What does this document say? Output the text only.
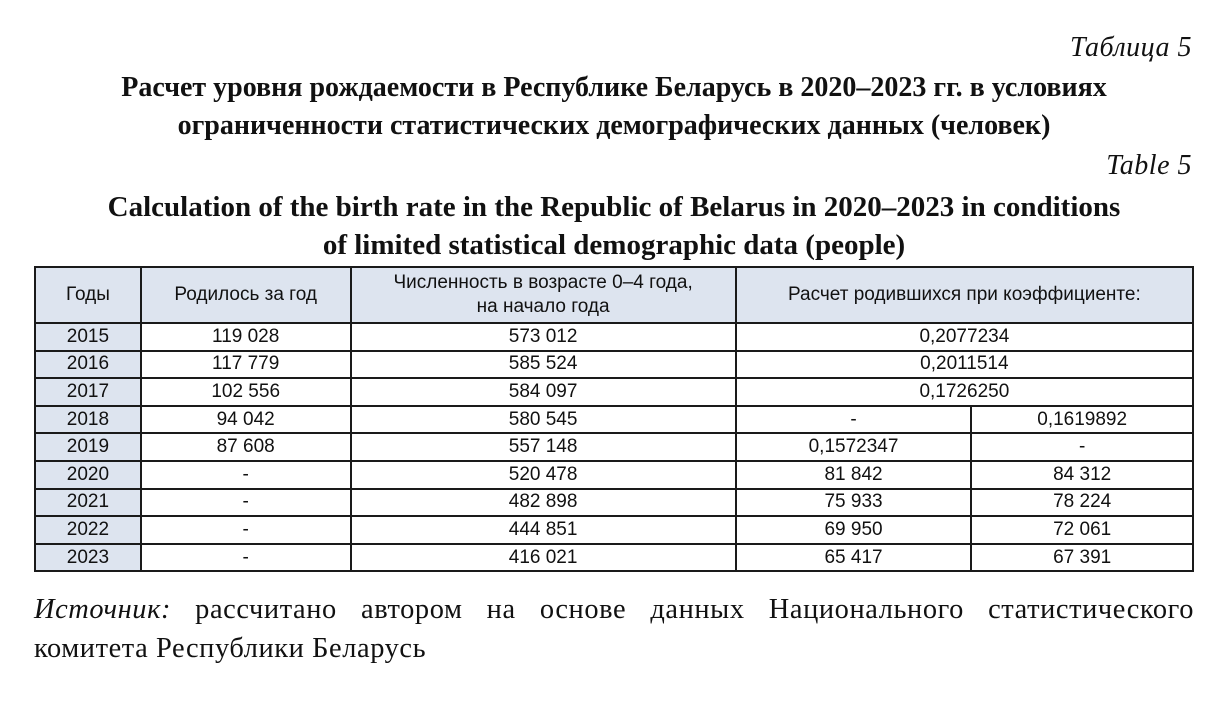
Таблица 5
Расчет уровня рождаемости в Республике Беларусь в 2020–2023 гг. в условиях
ограниченности статистических демографических данных (человек)
Table 5
Calculation of the birth rate in the Republic of Belarus in 2020–2023 in conditions
of limited statistical demographic data (people)
Годы	Родилось за год	Численность в возрасте 0–4 года,
на начало года	Расчет родившихся при коэффициенте:	
2015	119 028	573 012	0,2077234	
2016	117 779	585 524	0,2011514	
2017	102 556	584 097	0,1726250	
2018	94 042	580 545	-	0,1619892
2019	87 608	557 148	0,1572347	-
2020	-	520 478	81 842	84 312
2021	-	482 898	75 933	78 224
2022	-	444 851	69 950	72 061
2023	-	416 021	65 417	67 391
Источник: рассчитано автором на основе данных Национального статистического комитета Республики Беларусь
